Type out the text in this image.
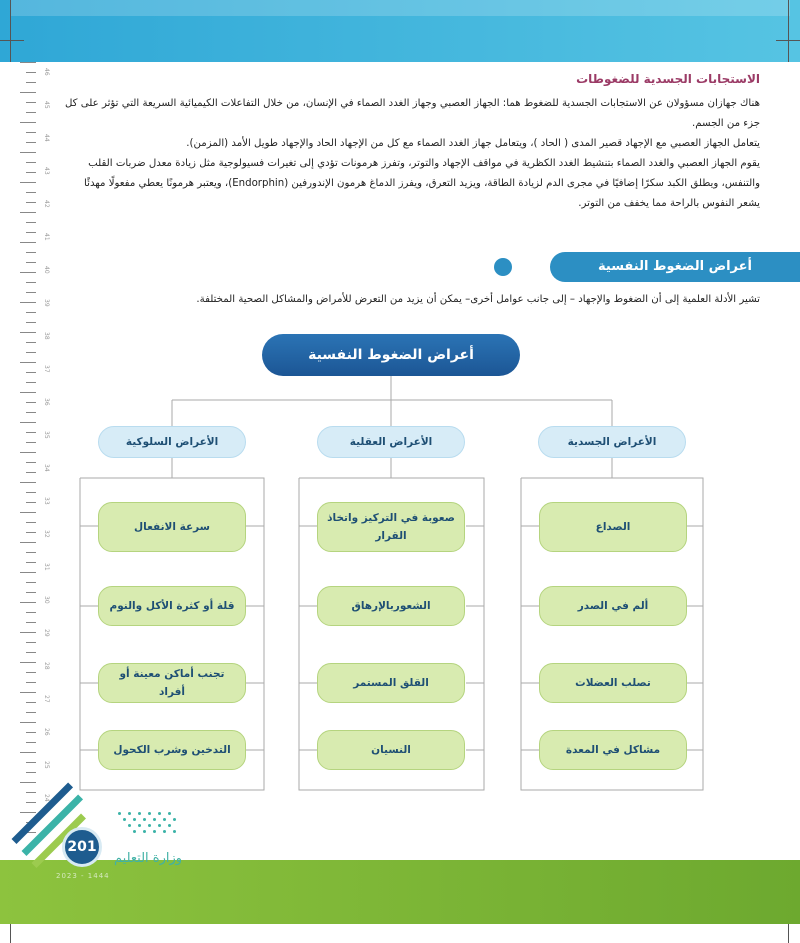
46
45
44
43
42
41
40
39
38
37
36
35
34
33
32
31
30
29
28
27
26
25
24
الاستجابات الجسدية للضغوطات
هناك جهازان مسؤولان عن الاستجابات الجسدية للضغوط هما: الجهاز العصبي وجهاز الغدد الصماء في الإنسان، من خلال التفاعلات الكيميائية السريعة التي تؤثر على كل جزء من الجسم.
يتعامل الجهاز العصبي مع الإجهاد قصير المدى ( الحاد )، ويتعامل جهاز الغدد الصماء مع كل من الإجهاد الحاد والإجهاد طويل الأمد (المزمن).
يقوم الجهاز العصبي والغدد الصماء بتنشيط الغدد الكظرية في مواقف الإجهاد والتوتر، وتفرز هرمونات تؤدي إلى تغيرات فسيولوجية مثل زيادة معدل ضربات القلب والتنفس، ويطلق الكبد سكرًا إضافيًا في مجرى الدم لزيادة الطاقة، ويزيد التعرق، ويفرز الدماغ هرمون الإندورفين (Endorphin)، ويعتبر هرمونًا يعطي مفعولًا مهدئًا يشعر النفوس بالراحة مما يخفف من التوتر.
أعراض الضغوط النفسية
تشير الأدلة العلمية إلى أن الضغوط والإجهاد – إلى جانب عوامل أخرى– يمكن أن يزيد من التعرض للأمراض والمشاكل الصحية المختلفة.
أعراض الضغوط النفسية
الأعراض الجسدية
الأعراض العقلية
الأعراض السلوكية
الصداع
ألم في الصدر
تصلب العضلات
مشاكل في المعدة
صعوبة في التركيز واتخاذ القرار
الشعوربالإرهاق
القلق المستمر
النسيان
سرعة الانفعال
قلة أو كثرة الأكل والنوم
تجنب أماكن معينة أو أفراد
التدخين وشرب الكحول
201
وزارة التعليم
2023 - 1444
